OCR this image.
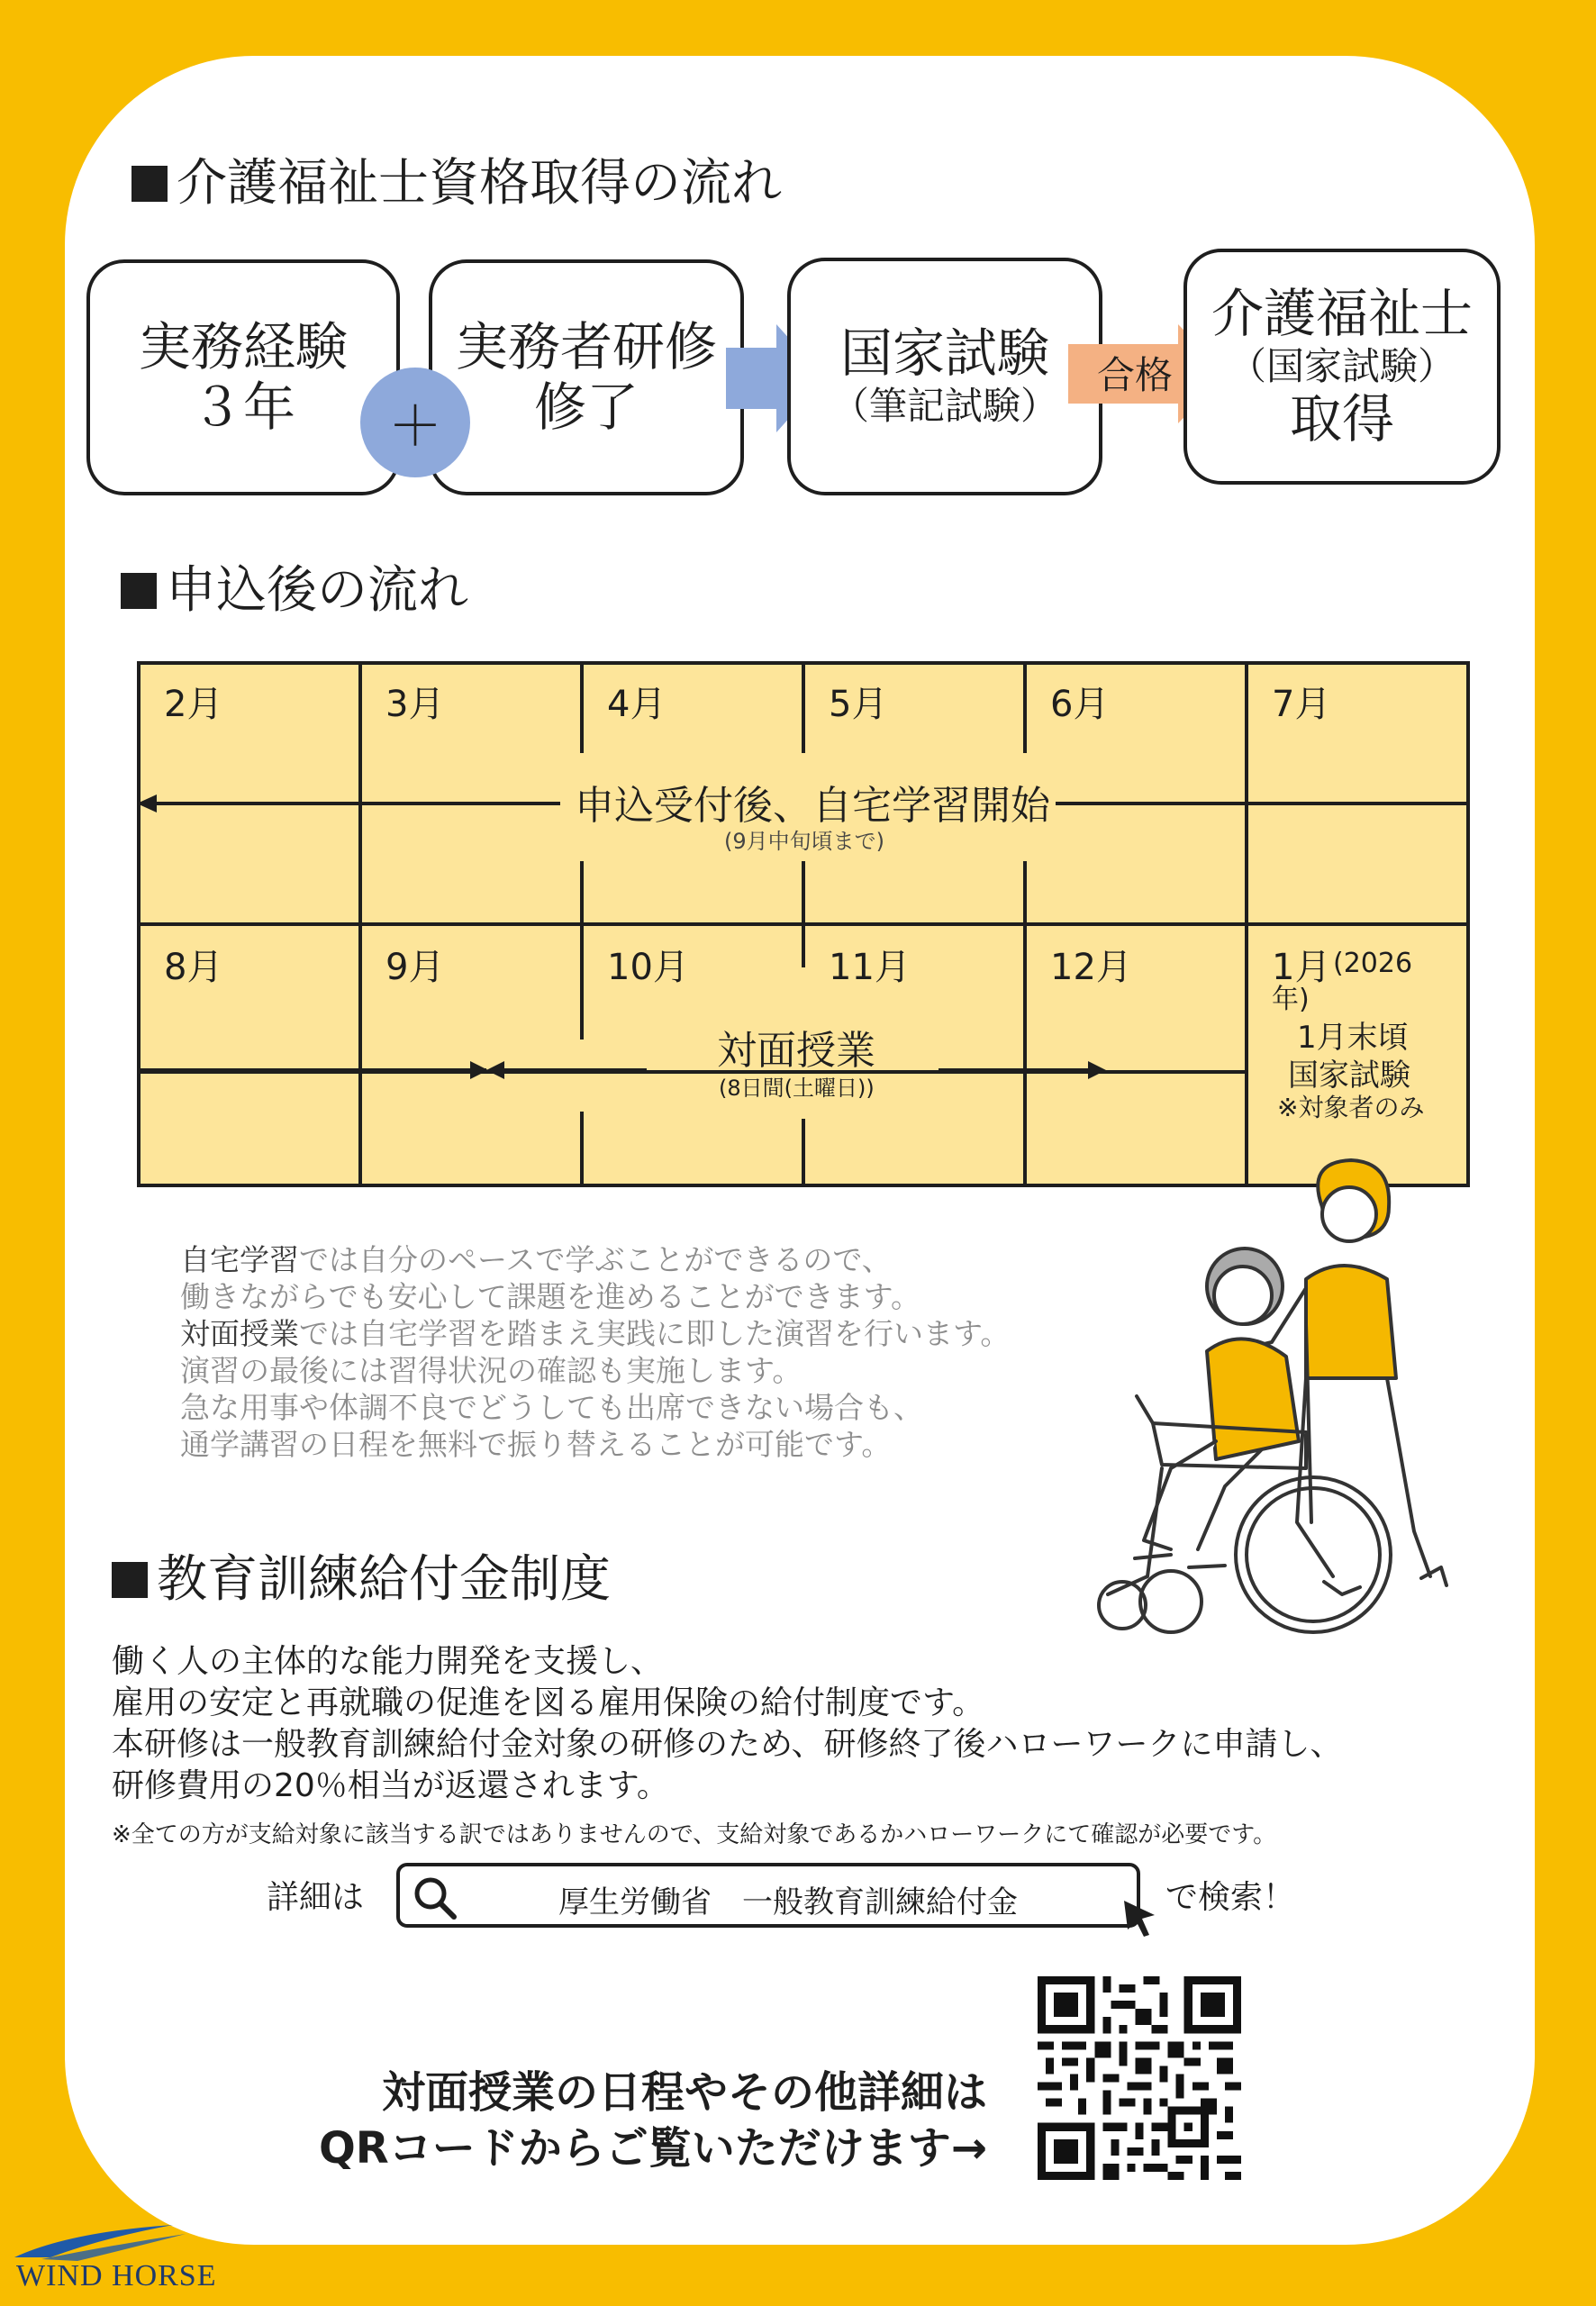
介護福祉士資格取得の流れ
実務経験
３年
実務者研修
修了
＋
国家試験
（筆記試験）
合格
介護福祉士
（国家試験）
取得
申込後の流れ
2月	3月	4月	5月	6月	7月
申込受付後、自宅学習開始
(9月中旬頃まで)
8月	9月	10月	11月	12月	1月 (2026
年)
対面授業
(8日間(土曜日))
1月末頃
国家試験
※対象者のみ
自宅学習では自分のペースで学ぶことができるので、
働きながらでも安心して課題を進めることができます。
対面授業では自宅学習を踏まえ実践に即した演習を行います。
演習の最後には習得状況の確認も実施します。
急な用事や体調不良でどうしても出席できない場合も、
通学講習の日程を無料で振り替えることが可能です。
教育訓練給付金制度
働く人の主体的な能力開発を支援し、
雇用の安定と再就職の促進を図る雇用保険の給付制度です。
本研修は一般教育訓練給付金対象の研修のため、研修終了後ハローワークに申請し、
研修費用の20％相当が返還されます。
※全ての方が支給対象に該当する訳ではありませんので、支給対象であるかハローワークにて確認が必要です。
詳細は	厚生労働省　一般教育訓練給付金	で検索！
対面授業の日程やその他詳細は
QRコードからご覧いただけます→
WIND HORSE
